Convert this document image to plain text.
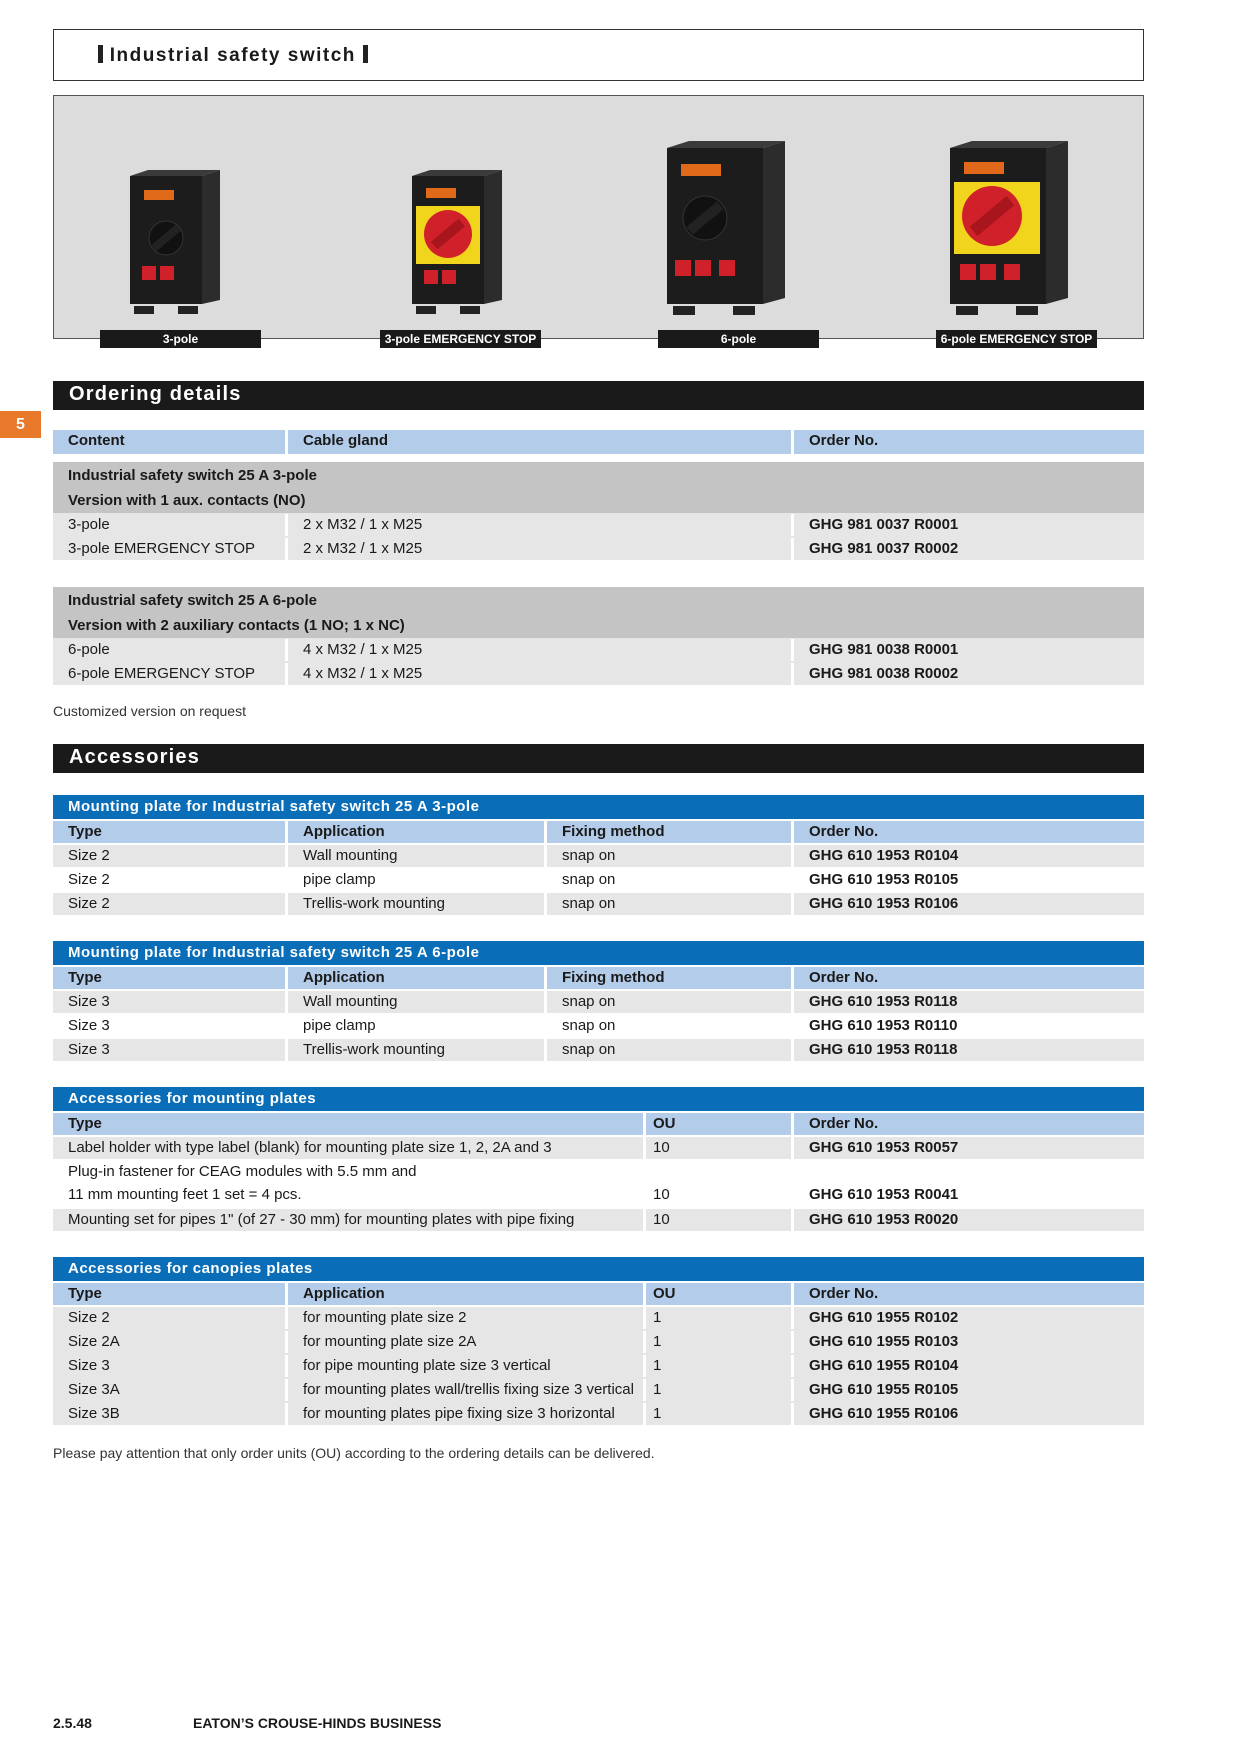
Industrial safety switch
3-pole	3-pole EMERGENCY STOP	6-pole	6-pole EMERGENCY STOP
5
Ordering details
Content	Cable gland	Order No.
Industrial safety switch 25 A 3-pole
Version with 1 aux. contacts (NO)
3-pole	2 x M32 / 1 x M25	GHG 981 0037 R0001
3-pole EMERGENCY STOP	2 x M32 / 1 x M25	GHG 981 0037 R0002
Industrial safety switch 25 A 6-pole
Version with 2 auxiliary contacts (1 NO; 1 x NC)
6-pole	4 x M32 / 1 x M25	GHG 981 0038 R0001
6-pole EMERGENCY STOP	4 x M32 / 1 x M25	GHG 981 0038 R0002
Customized version on request
Accessories
Mounting plate for Industrial safety switch 25 A 3-pole
Type	Application	Fixing method	Order No.
Size 2	Wall mounting	snap on	GHG 610 1953 R0104
Size 2	pipe clamp	snap on	GHG 610 1953 R0105
Size 2	Trellis-work mounting	snap on	GHG 610 1953 R0106
Mounting plate for Industrial safety switch 25 A 6-pole
Type	Application	Fixing method	Order No.
Size 3	Wall mounting	snap on	GHG 610 1953 R0118
Size 3	pipe clamp	snap on	GHG 610 1953 R0110
Size 3	Trellis-work mounting	snap on	GHG 610 1953 R0118
Accessories for mounting plates
Type	OU	Order No.
Label holder with type label (blank) for mounting plate size 1, 2, 2A and 3	10	GHG 610 1953 R0057
Plug-in fastener for CEAG modules with 5.5 mm and
11 mm mounting feet 1 set = 4 pcs.	10	GHG 610 1953 R0041
Mounting set for pipes 1" (of 27 - 30 mm) for mounting plates with pipe fixing	10	GHG 610 1953 R0020
Accessories for canopies plates
Type	Application	OU	Order No.
Size 2	for mounting plate size 2	1	GHG 610 1955 R0102
Size 2A	for mounting plate size 2A	1	GHG 610 1955 R0103
Size 3	for pipe mounting plate size 3 vertical	1	GHG 610 1955 R0104
Size 3A	for mounting plates wall/trellis fixing size 3 vertical	1	GHG 610 1955 R0105
Size 3B	for mounting plates pipe fixing size 3 horizontal	1	GHG 610 1955 R0106
Please pay attention that only order units (OU) according to the ordering details can be delivered.
2.5.48	EATON’S CROUSE-HINDS BUSINESS
